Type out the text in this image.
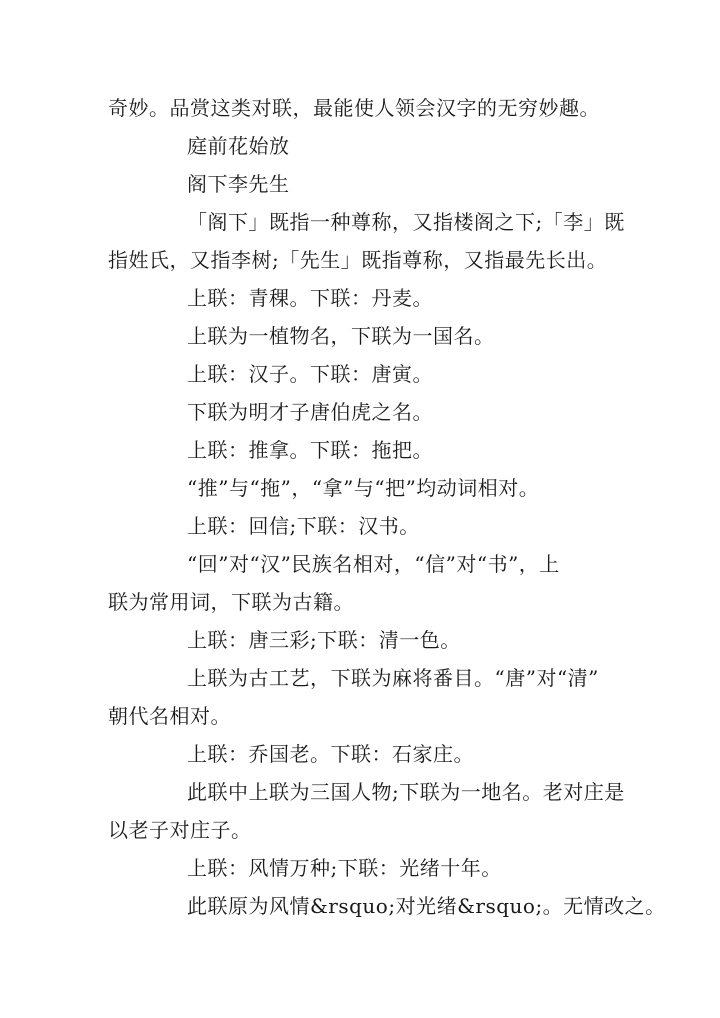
奇妙。品赏这类对联，最能使人领会汉字的无穷妙趣。
庭前花始放
阁下李先生
「阁下」既指一种尊称，又指楼阁之下;「李」既
指姓氏，又指李树;「先生」既指尊称，又指最先长出。
上联：青稞。下联：丹麦。
上联为一植物名，下联为一国名。
上联：汉子。下联：唐寅。
下联为明才子唐伯虎之名。
上联：推拿。下联：拖把。
“推”与“拖”，“拿”与“把”均动词相对。
上联：回信;下联：汉书。
“回”对“汉”民族名相对，“信”对“书”，上
联为常用词，下联为古籍。
上联：唐三彩;下联：清一色。
上联为古工艺，下联为麻将番目。“唐”对“清”
朝代名相对。
上联：乔国老。下联：石家庄。
此联中上联为三国人物;下联为一地名。老对庄是
以老子对庄子。
上联：风情万种;下联：光绪十年。
此联原为风情&rsquo;对光绪&rsquo;。无情改之。
